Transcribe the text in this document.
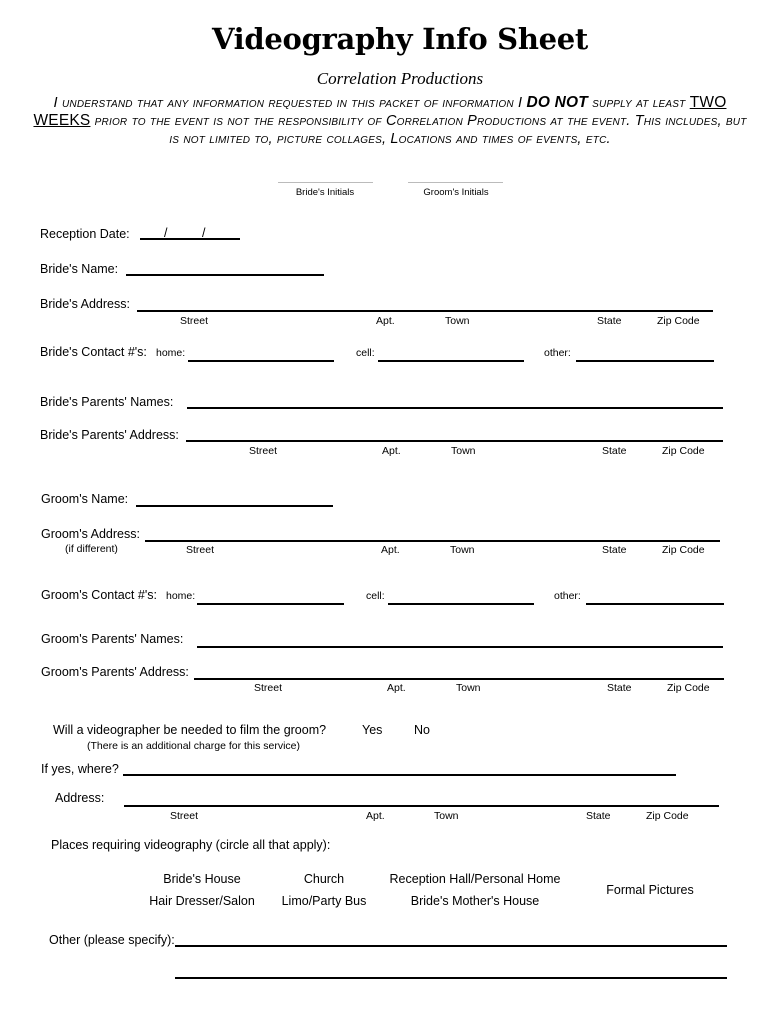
Videography Info Sheet
Correlation Productions
I understand that any information requested in this packet of information I DO NOT supply at least TWO WEEKS prior to the event is not the responsibility of Correlation Productions at the event. This includes, but is not limited to, picture collages, Locations and times of events, etc.
Bride's Initials	Groom's Initials
Reception Date:	/	/
Bride's Name:
Bride's Address:
Street	Apt.	Town	State	Zip Code
Bride's Contact #'s: home:	cell:	other:
Bride's Parents' Names:
Bride's Parents' Address:
Street	Apt.	Town	State	Zip Code
Groom's Name:
Groom's Address:
(if different)	Street	Apt.	Town	State	Zip Code
Groom's Contact #'s: home:	cell:	other:
Groom's Parents' Names:
Groom's Parents' Address:
Street	Apt.	Town	State	Zip Code
Will a videographer be needed to film the groom?	Yes	No
(There is an additional charge for this service)
If yes, where?
Address:
Street	Apt.	Town	State	Zip Code
Places requiring videography (circle all that apply):
Bride's House	Church	Reception Hall/Personal Home
Formal Pictures
Hair Dresser/Salon	Limo/Party Bus	Bride's Mother's House
Other (please specify):
